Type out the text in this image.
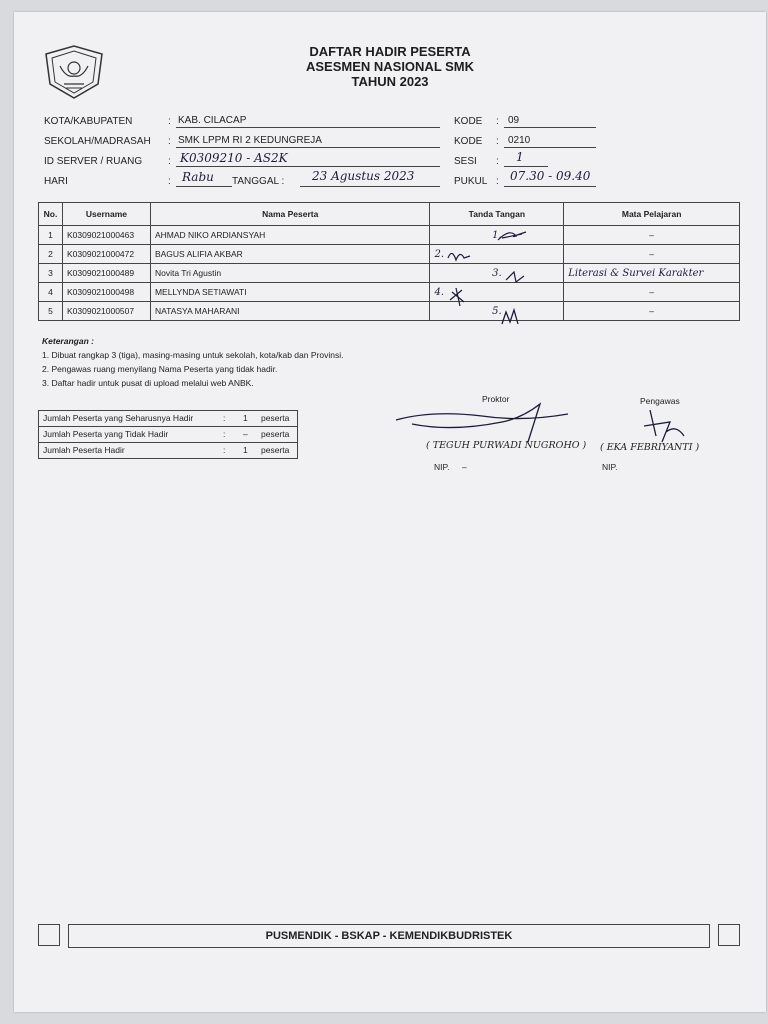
DAFTAR HADIR PESERTA
ASESMEN NASIONAL SMK
TAHUN 2023
KOTA/KABUPATEN	: KAB. CILACAP
SEKOLAH/MADRASAH : SMK LPPM RI 2 KEDUNGREJA
ID SERVER / RUANG	: K0309210 - AS2K
HARI	: Rabu TANGGAL : 23 Agustus 2023
KODE : 09
KODE : 0210
SESI : 1
PUKUL : 07.30 - 09.40
No.	Username	Nama Peserta	Tanda Tangan	Mata Pelajaran
1	K0309021000463	AHMAD NIKO ARDIANSYAH	1.	–
2	K0309021000472	BAGUS ALIFIA AKBAR	2.	–
3	K0309021000489	Novita Tri Agustin	3.	Literasi & Survei Karakter
4	K0309021000498	MELLYNDA SETIAWATI	4.	–
5	K0309021000507	NATASYA MAHARANI	5.	–
Keterangan :
1. Dibuat rangkap 3 (tiga), masing-masing untuk sekolah, kota/kab dan Provinsi.
2. Pengawas ruang menyilang Nama Peserta yang tidak hadir.
3. Daftar hadir untuk pusat di upload melalui web ANBK.
Jumlah Peserta yang Seharusnya Hadir	: 1 peserta
Jumlah Peserta yang Tidak Hadir	: – peserta
Jumlah Peserta Hadir	: 1 peserta
Proktor
( TEGUH PURWADI NUGROHO )
NIP. –
Pengawas
( EKA FEBRIYANTI )
NIP.
PUSMENDIK - BSKAP - KEMENDIKBUDRISTEK
